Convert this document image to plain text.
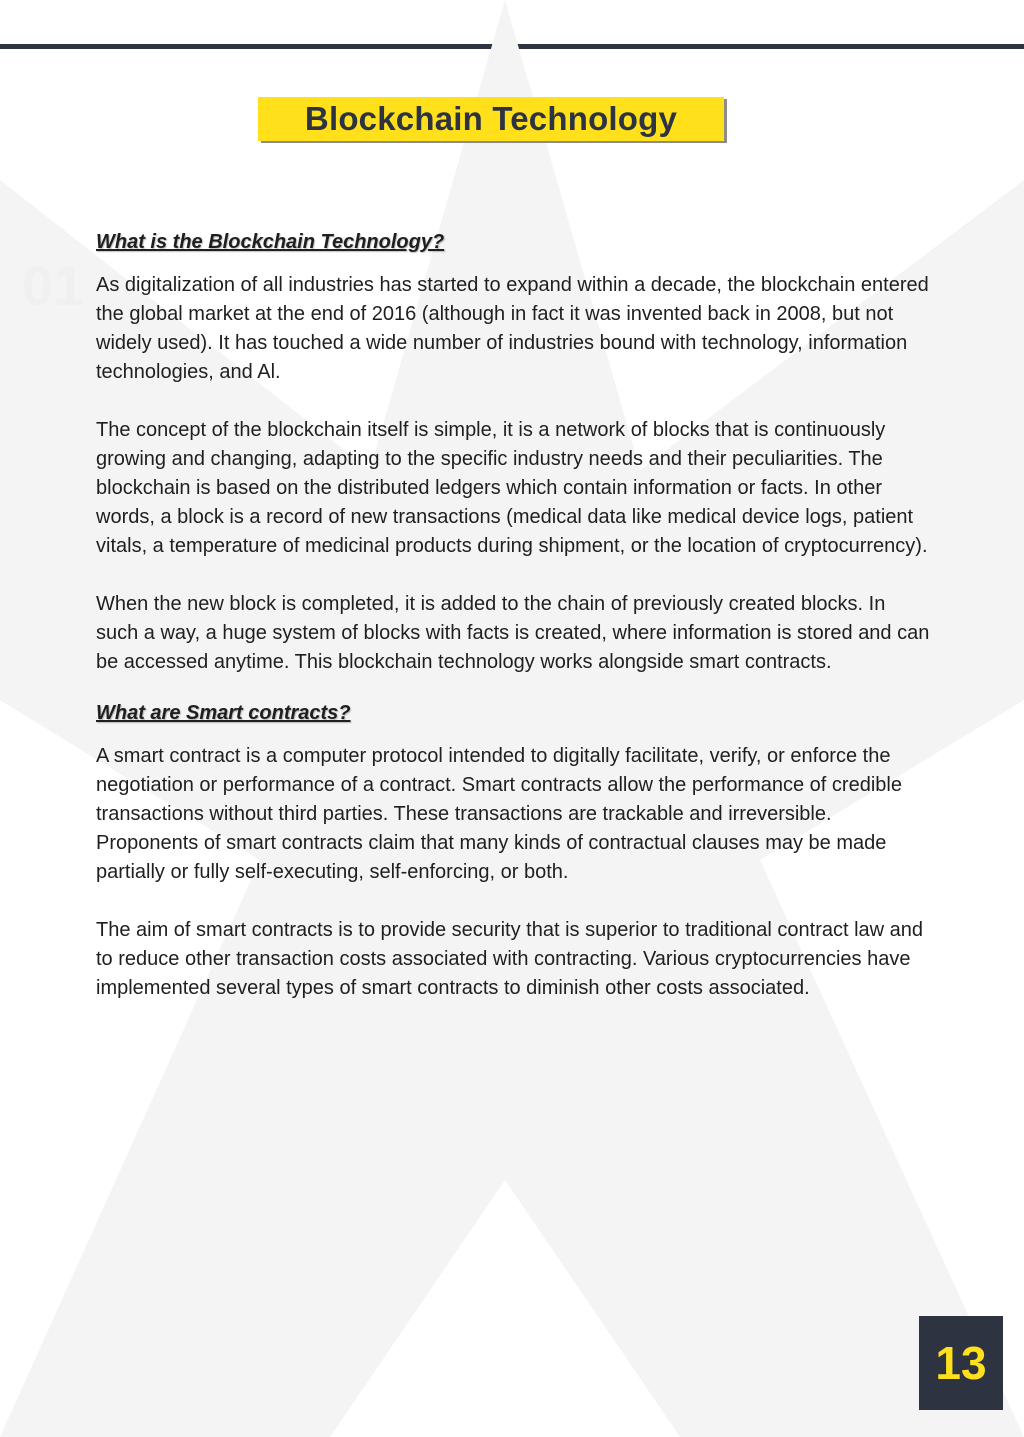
01
Blockchain Technology
What is the Blockchain Technology?

As digitalization of all industries has started to expand within a decade, the blockchain entered the global market at the end of 2016 (although in fact it was invented back in 2008, but not widely used). It has touched a wide number of industries bound with technology, information technologies, and Al.

The concept of the blockchain itself is simple, it is a network of blocks that is continuously growing and changing, adapting to the specific industry needs and their peculiarities. The blockchain is based on the distributed ledgers which contain information or facts. In other words, a block is a record of new transactions (medical data like medical device logs, patient vitals, a temperature of medicinal products during shipment, or the location of cryptocurrency).

When the new block is completed, it is added to the chain of previously created blocks. In such a way, a huge system of blocks with facts is created, where information is stored and can be accessed anytime. This blockchain technology works alongside smart contracts.

What are Smart contracts?

A smart contract is a computer protocol intended to digitally facilitate, verify, or enforce the negotiation or performance of a contract. Smart contracts allow the performance of credible transactions without third parties. These transactions are trackable and irreversible. Proponents of smart contracts claim that many kinds of contractual clauses may be made partially or fully self-executing, self-enforcing, or both.

The aim of smart contracts is to provide security that is superior to traditional contract law and to reduce other transaction costs associated with contracting. Various cryptocurrencies have implemented several types of smart contracts to diminish other costs associated.

13
